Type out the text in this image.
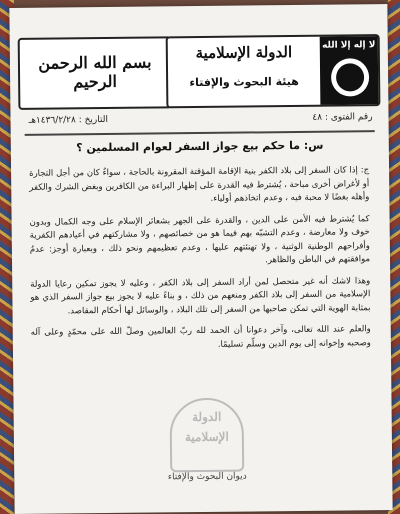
بسم الله الرحمن الرحيم
الدولة الإسلامية
هيئة البحوث والإفتاء
لا إله إلا الله
رقم الفتوى : ٤٨
التاريخ : ١٤٣٦/٢/٢٨هـ
س: ما حكم بيع جواز السفر لعوام المسلمين ؟

ج: إذا كان السفر إلى بلاد الكفر بنية الإقامة المؤقتة المقرونة بالحاجة ، سواءٌ كان من أجل التجارة أو لأغراض أخرى مباحة ، يُشترط فيه القدرة على إظهار البراءة من الكافرين وبغض الشرك والكفر وأهله بغضًا لا محبة فيه ، وعدم اتخاذهم أولياء.

كما يُشترط فيه الأمن على الدين ، والقدرة على الجهر بشعائر الإسلام على وجه الكمال وبدون خوف ولا معارضة ، وعدم التشبّه بهم فيما هو من خصائصهم ، ولا مشاركتهم في أعيادهم الكفرية وأفراحهم الوطنية الوثنية ، ولا تهنئتهم عليها ، وعدم تعظيمهم ونحو ذلك ، وبعبارة أوجز: عدمُ موافقتهم في الباطن والظاهر.

وهذا لاشك أنه غير متحصل لمن أراد السفر إلى بلاد الكفر ، وعليه لا يجوز تمكين رعايا الدولة الإسلامية من السفر إلى بلاد الكفر ومنعهم من ذلك ، و بناءً عليه لا يجوز بيع جواز السفر الذي هو بمثابة الهوية التي تمكن صاحبها من السفر إلى تلك البلاد ، والوسائل لها أحكام المقاصد.

والعلم عند الله تعالى، وآخر دعوانا أن الحمد لله ربّ العالمين وصلّ الله على محمّدٍ وعلى آله وصحبه وإخوانه إلى يوم الدين وسلّم تسليمًا.

الدولة
الإسلامية
ديوان البحوث والإفتاء
